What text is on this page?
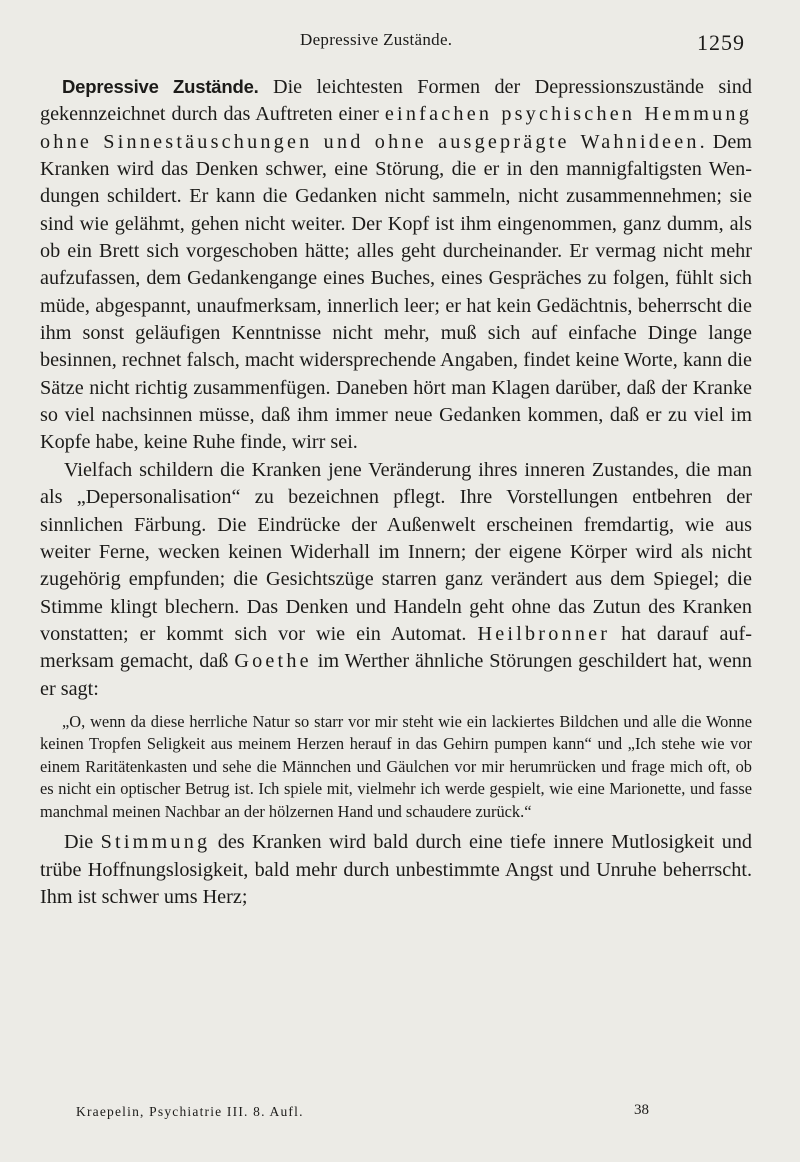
Depressive Zustände.	1259

Depressive Zustände. Die leichtesten Formen der Depressionszustände sind gekennzeichnet durch das Auftreten einer einfachen psychischen Hemmung ohne Sinnestäuschungen und ohne ausgeprägte Wahnideen. Dem Kranken wird das Denken schwer, eine Störung, die er in den mannigfaltigsten Wendungen schildert. Er kann die Gedanken nicht sammeln, nicht zusammennehmen; sie sind wie gelähmt, gehen nicht weiter. Der Kopf ist ihm eingenommen, ganz dumm, als ob ein Brett sich vorgeschoben hätte; alles geht durcheinander. Er vermag nicht mehr aufzufassen, dem Gedankengange eines Buches, eines Gespräches zu folgen, fühlt sich müde, abgespannt, unaufmerksam, innerlich leer; er hat kein Gedächtnis, beherrscht die ihm sonst geläufigen Kenntnisse nicht mehr, muß sich auf einfache Dinge lange besinnen, rechnet falsch, macht widersprechende Angaben, findet keine Worte, kann die Sätze nicht richtig zusammenfügen. Daneben hört man Klagen darüber, daß der Kranke so viel nachsinnen müsse, daß ihm immer neue Gedanken kommen, daß er zu viel im Kopfe habe, keine Ruhe finde, wirr sei.

Vielfach schildern die Kranken jene Veränderung ihres inneren Zustandes, die man als „Depersonalisation“ zu bezeichnen pflegt. Ihre Vorstellungen entbehren der sinnlichen Färbung. Die Eindrücke der Außenwelt erscheinen fremdartig, wie aus weiter Ferne, wecken keinen Widerhall im Innern; der eigene Körper wird als nicht zugehörig empfunden; die Gesichtszüge starren ganz verändert aus dem Spiegel; die Stimme klingt blechern. Das Denken und Handeln geht ohne das Zutun des Kranken vonstatten; er kommt sich vor wie ein Automat. Heilbronner hat darauf aufmerksam gemacht, daß Goethe im Werther ähnliche Störungen geschildert hat, wenn er sagt:

„O, wenn da diese herrliche Natur so starr vor mir steht wie ein lackiertes Bildchen und alle die Wonne keinen Tropfen Seligkeit aus meinem Herzen herauf in das Gehirn pumpen kann“ und „Ich stehe wie vor einem Raritätenkasten und sehe die Männchen und Gäulchen vor mir herumrücken und frage mich oft, ob es nicht ein optischer Betrug ist. Ich spiele mit, vielmehr ich werde gespielt, wie eine Marionette, und fasse manchmal meinen Nachbar an der hölzernen Hand und schaudere zurück.“

Die Stimmung des Kranken wird bald durch eine tiefe innere Mutlosigkeit und trübe Hoffnungslosigkeit, bald mehr durch unbestimmte Angst und Unruhe beherrscht. Ihm ist schwer ums Herz;

Kraepelin, Psychiatrie III. 8. Aufl.	38
